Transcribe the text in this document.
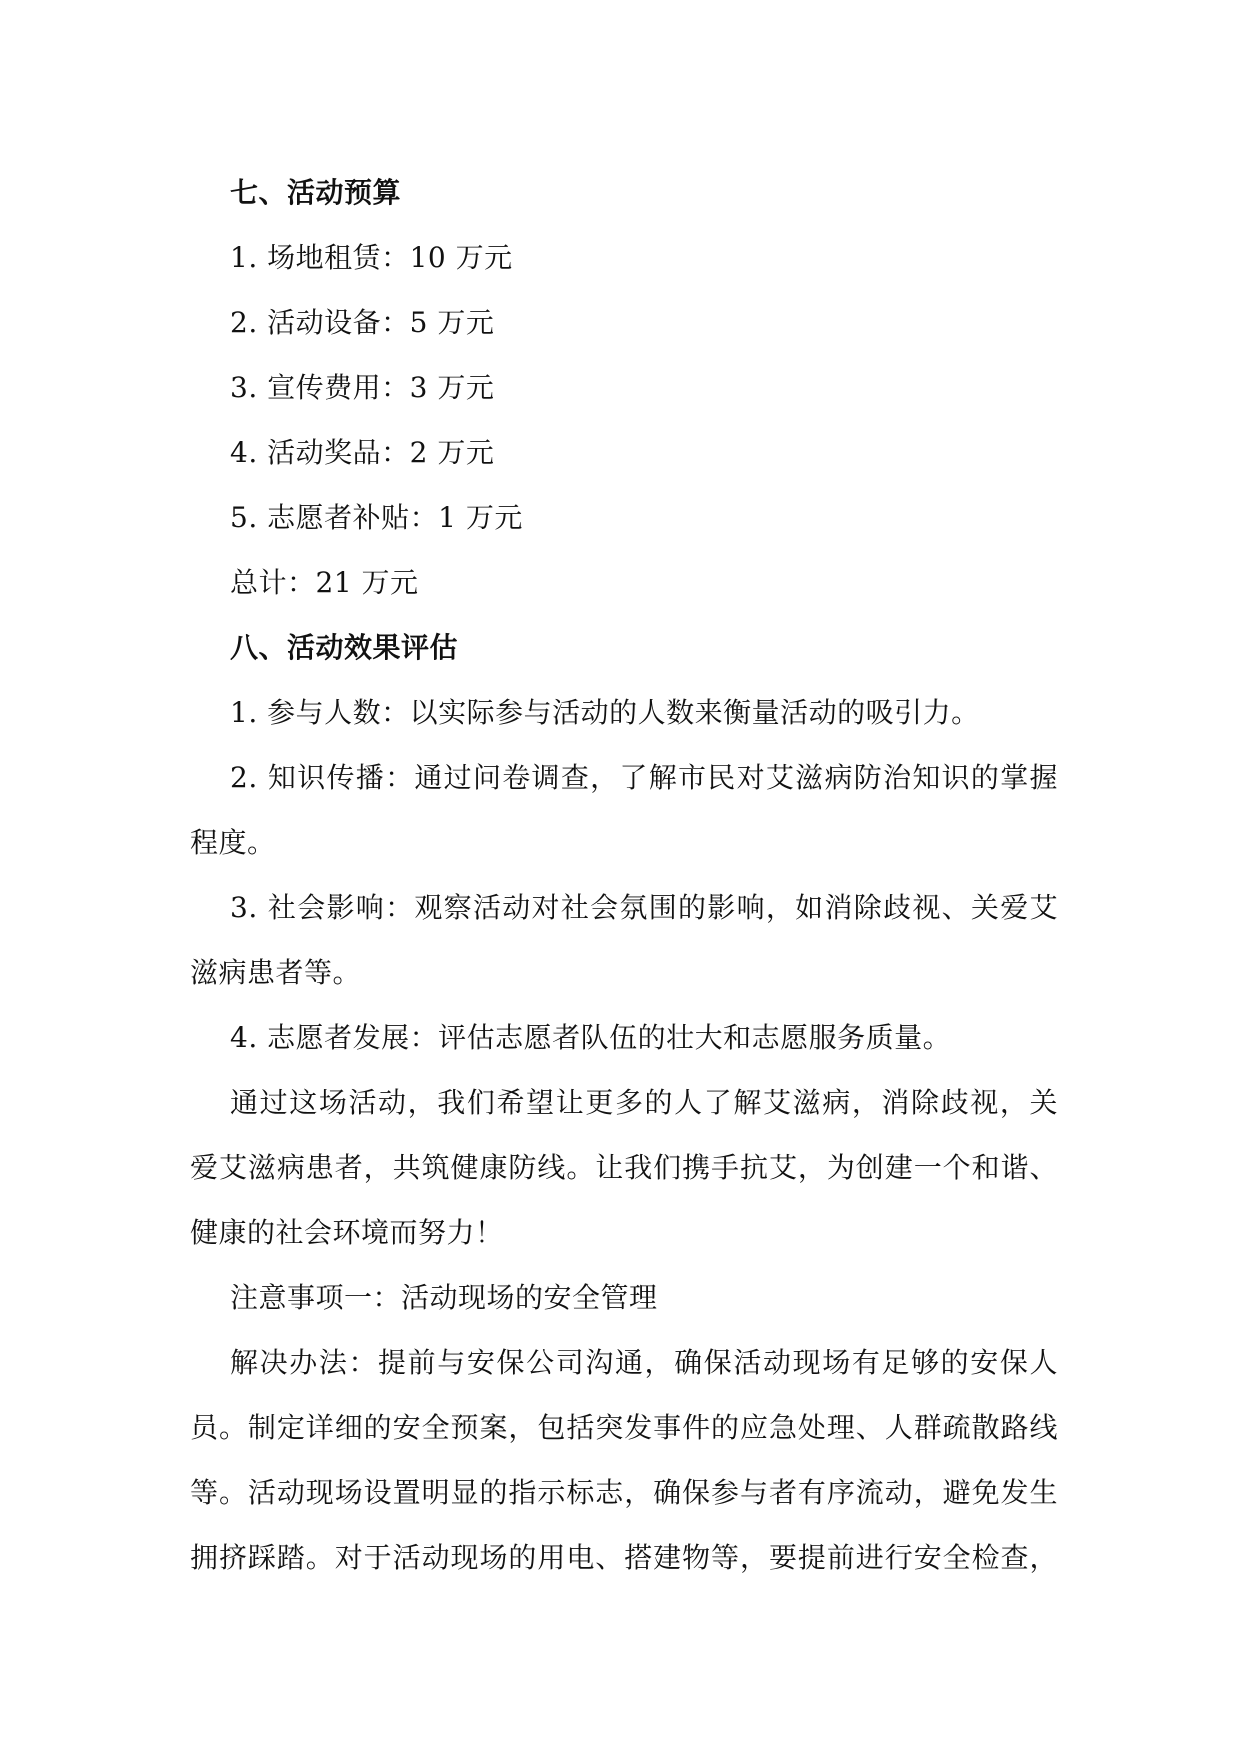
七、活动预算
1. 场地租赁：10 万元
2. 活动设备：5 万元
3. 宣传费用：3 万元
4. 活动奖品：2 万元
5. 志愿者补贴：1 万元
总计：21 万元
八、活动效果评估
1. 参与人数：以实际参与活动的人数来衡量活动的吸引力。
2. 知识传播：通过问卷调查，了解市民对艾滋病防治知识的掌握
程度。
3. 社会影响：观察活动对社会氛围的影响，如消除歧视、关爱艾
滋病患者等。
4. 志愿者发展：评估志愿者队伍的壮大和志愿服务质量。
通过这场活动，我们希望让更多的人了解艾滋病，消除歧视，关
爱艾滋病患者，共筑健康防线。让我们携手抗艾，为创建一个和谐、
健康的社会环境而努力！
注意事项一：活动现场的安全管理
解决办法：提前与安保公司沟通，确保活动现场有足够的安保人
员。制定详细的安全预案，包括突发事件的应急处理、人群疏散路线
等。活动现场设置明显的指示标志，确保参与者有序流动，避免发生
拥挤踩踏。对于活动现场的用电、搭建物等，要提前进行安全检查，
